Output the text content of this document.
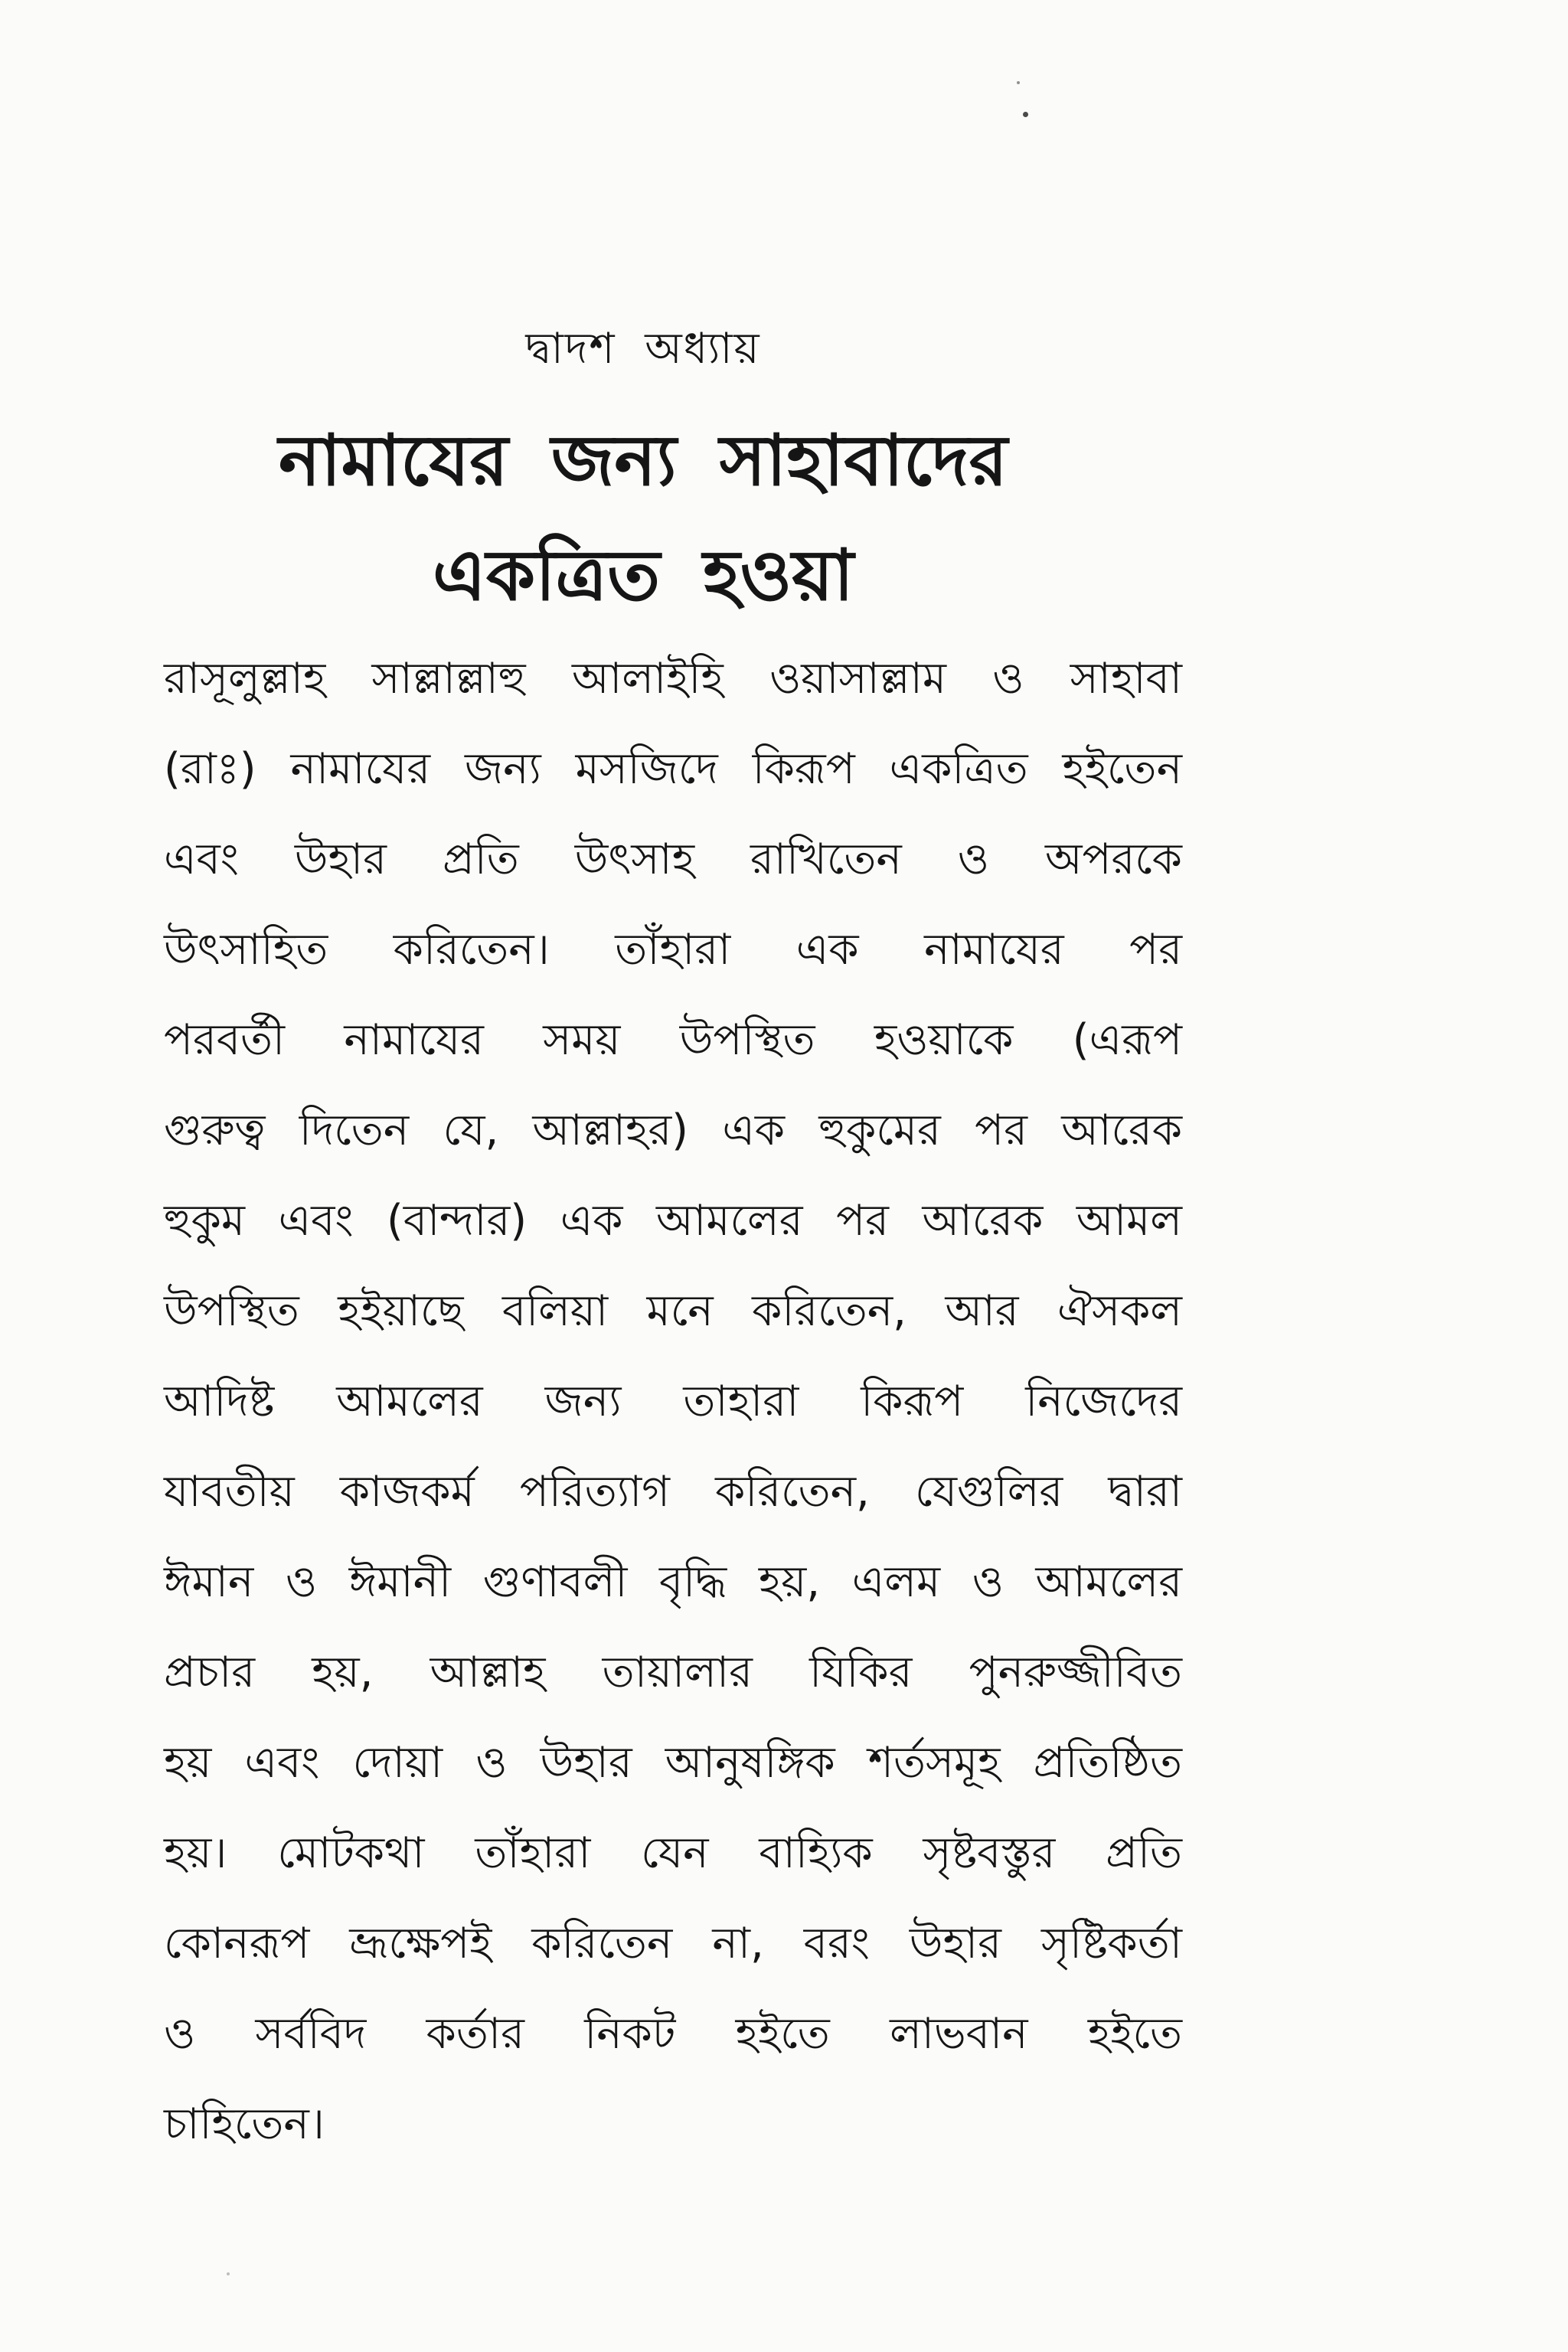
দ্বাদশ অধ্যায়
নামাযের জন্য সাহাবাদের
একত্রিত হওয়া
রাসূলুল্লাহ সাল্লাল্লাহু আলাইহি ওয়াসাল্লাম ও সাহাবা
(রাঃ) নামাযের জন্য মসজিদে কিরূপ একত্রিত হইতেন
এবং উহার প্রতি উৎসাহ রাখিতেন ও অপরকে
উৎসাহিত করিতেন। তাঁহারা এক নামাযের পর
পরবর্তী নামাযের সময় উপস্থিত হওয়াকে (এরূপ
গুরুত্ব দিতেন যে, আল্লাহর) এক হুকুমের পর আরেক
হুকুম এবং (বান্দার) এক আমলের পর আরেক আমল
উপস্থিত হইয়াছে বলিয়া মনে করিতেন, আর ঐসকল
আদিষ্ট আমলের জন্য তাহারা কিরূপ নিজেদের
যাবতীয় কাজকর্ম পরিত্যাগ করিতেন, যেগুলির দ্বারা
ঈমান ও ঈমানী গুণাবলী বৃদ্ধি হয়, এলম ও আমলের
প্রচার হয়, আল্লাহ তায়ালার যিকির পুনরুজ্জীবিত
হয় এবং দোয়া ও উহার আনুষঙ্গিক শর্তসমূহ প্রতিষ্ঠিত
হয়। মোটকথা তাঁহারা যেন বাহ্যিক সৃষ্টবস্তুর প্রতি
কোনরূপ ভ্রূক্ষেপই করিতেন না, বরং উহার সৃষ্টিকর্তা
ও সর্ববিদ কর্তার নিকট হইতে লাভবান হইতে
চাহিতেন।
